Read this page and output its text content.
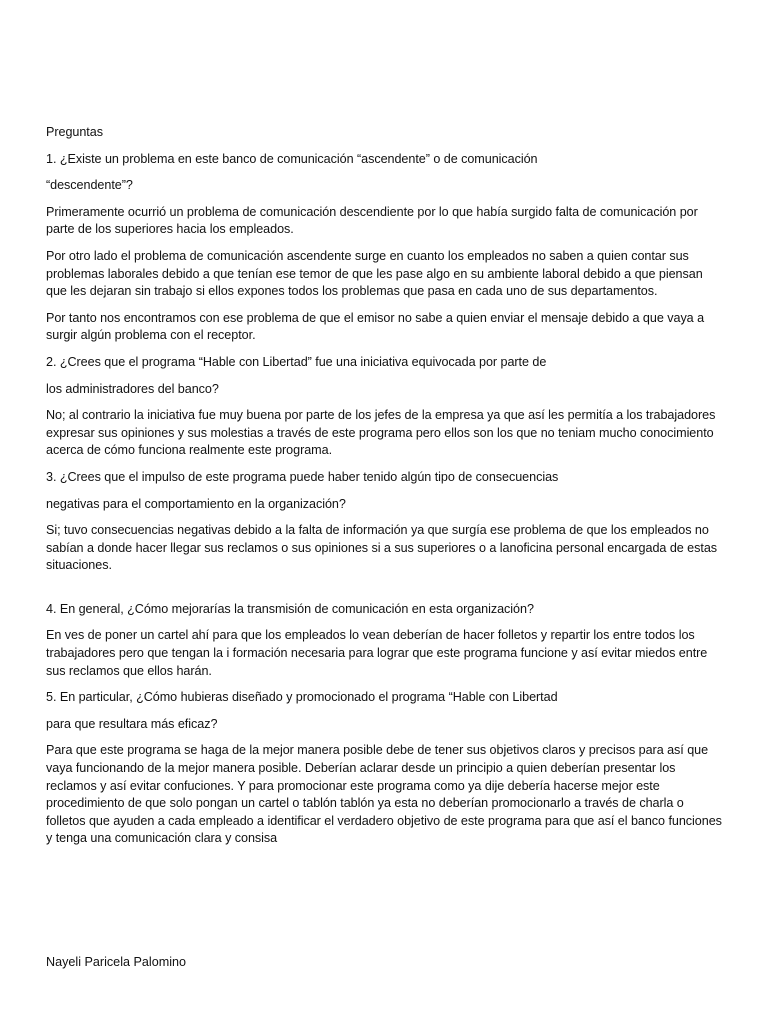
Preguntas

1. ¿Existe un problema en este banco de comunicación “ascendente” o de comunicación

“descendente”?

Primeramente ocurrió un problema de comunicación descendiente por lo que había surgido falta de comunicación por parte de los superiores hacia los empleados.

Por otro lado el problema de comunicación ascendente surge en cuanto los empleados no saben a quien contar sus problemas laborales debido a que tenían ese temor de que les pase algo en su ambiente laboral debido a que piensan que les dejaran sin trabajo si ellos expones todos los problemas que pasa en cada uno de sus departamentos.

Por tanto nos encontramos con ese problema de que el emisor no sabe a quien enviar el mensaje debido a que vaya a surgir algún problema con el receptor.

2. ¿Crees que el programa “Hable con Libertad” fue una iniciativa equivocada por parte de

los administradores del banco?

No; al contrario la iniciativa fue muy buena por parte de los jefes de la empresa ya que así les permitía a los trabajadores expresar sus opiniones y sus molestias a través de este programa pero ellos son los que no teniam mucho conocimiento acerca de cómo funciona realmente este programa.

3. ¿Crees que el impulso de este programa puede haber tenido algún tipo de consecuencias

negativas para el comportamiento en la organización?

Si; tuvo consecuencias negativas debido a la falta de información ya que surgía ese problema de que los empleados no sabían a donde hacer llegar sus reclamos o sus opiniones si a sus superiores o a lanoficina personal encargada de estas situaciones.

4. En general, ¿Cómo mejorarías la transmisión de comunicación en esta organización?

En ves de poner un cartel ahí para que los empleados lo vean deberían de hacer folletos y repartir los entre todos los trabajadores pero que tengan la i formación necesaria para lograr que este programa funcione y así evitar miedos entre sus reclamos que ellos harán.

5. En particular, ¿Cómo hubieras diseñado y promocionado el programa “Hable con Libertad

para que resultara más eficaz?

Para que este programa se haga de la mejor manera posible debe de tener sus objetivos claros y precisos para así que vaya funcionando de la mejor manera posible. Deberían aclarar desde un principio a quien deberían presentar los reclamos y así evitar confuciones. Y para promocionar este programa como ya dije debería hacerse mejor este procedimiento de que solo pongan un cartel o tablón tablón ya esta no deberían promocionarlo a través de charla o folletos que ayuden a cada empleado a identificar el verdadero objetivo de este programa para que así el banco funciones y tenga una comunicación clara y consisa

Nayeli Paricela Palomino
